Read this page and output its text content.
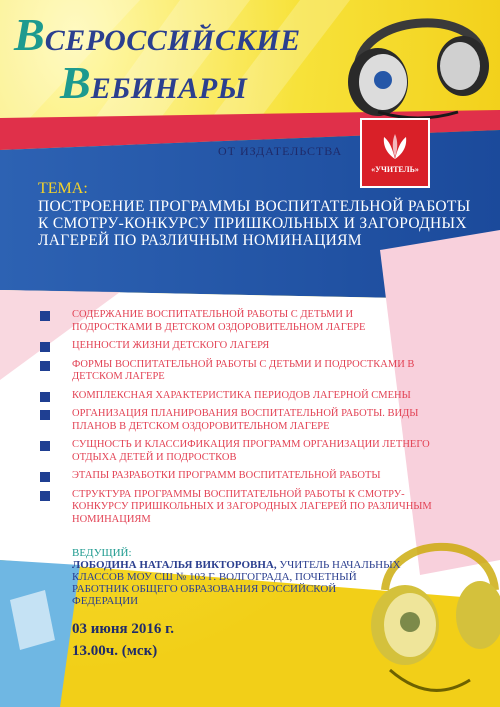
В СЕРОССИЙСКИЕ
В ЕБИНАРЫ
ОТ ИЗДАТЕЛЬСТВА
«УЧИТЕЛЬ»
ТЕМА:
ПОСТРОЕНИЕ ПРОГРАММЫ ВОСПИТАТЕЛЬНОЙ РАБОТЫ К СМОТРУ-КОНКУРСУ ПРИШКОЛЬНЫХ И ЗАГОРОДНЫХ ЛАГЕРЕЙ ПО РАЗЛИЧНЫМ НОМИНАЦИЯМ
СОДЕРЖАНИЕ ВОСПИТАТЕЛЬНОЙ РАБОТЫ С ДЕТЬМИ И ПОДРОСТКАМИ В ДЕТСКОМ ОЗДОРОВИТЕЛЬНОМ ЛАГЕРЕ
ЦЕННОСТИ ЖИЗНИ ДЕТСКОГО ЛАГЕРЯ
ФОРМЫ ВОСПИТАТЕЛЬНОЙ РАБОТЫ С ДЕТЬМИ И ПОДРОСТКАМИ В ДЕТСКОМ ЛАГЕРЕ
КОМПЛЕКСНАЯ ХАРАКТЕРИСТИКА ПЕРИОДОВ ЛАГЕРНОЙ СМЕНЫ
ОРГАНИЗАЦИЯ ПЛАНИРОВАНИЯ ВОСПИТАТЕЛЬНОЙ РАБОТЫ. ВИДЫ ПЛАНОВ В ДЕТСКОМ ОЗДОРОВИТЕЛЬНОМ ЛАГЕРЕ
СУЩНОСТЬ И КЛАССИФИКАЦИЯ ПРОГРАММ ОРГАНИЗАЦИИ ЛЕТНЕГО ОТДЫХА ДЕТЕЙ И ПОДРОСТКОВ
ЭТАПЫ РАЗРАБОТКИ ПРОГРАММ ВОСПИТАТЕЛЬНОЙ РАБОТЫ
СТРУКТУРА ПРОГРАММЫ ВОСПИТАТЕЛЬНОЙ РАБОТЫ К СМОТРУ-КОНКУРСУ ПРИШКОЛЬНЫХ И ЗАГОРОДНЫХ ЛАГЕРЕЙ ПО РАЗЛИЧНЫМ НОМИНАЦИЯМ
ВЕДУЩИЙ:
ЛОБОДИНА НАТАЛЬЯ ВИКТОРОВНА, УЧИТЕЛЬ НАЧАЛЬНЫХ КЛАССОВ МОУ СШ № 103 Г. ВОЛГОГРАДА, ПОЧЕТНЫЙ РАБОТНИК ОБЩЕГО ОБРАЗОВАНИЯ РОССИЙСКОЙ ФЕДЕРАЦИИ
03 июня 2016 г.
13.00ч. (мск)
